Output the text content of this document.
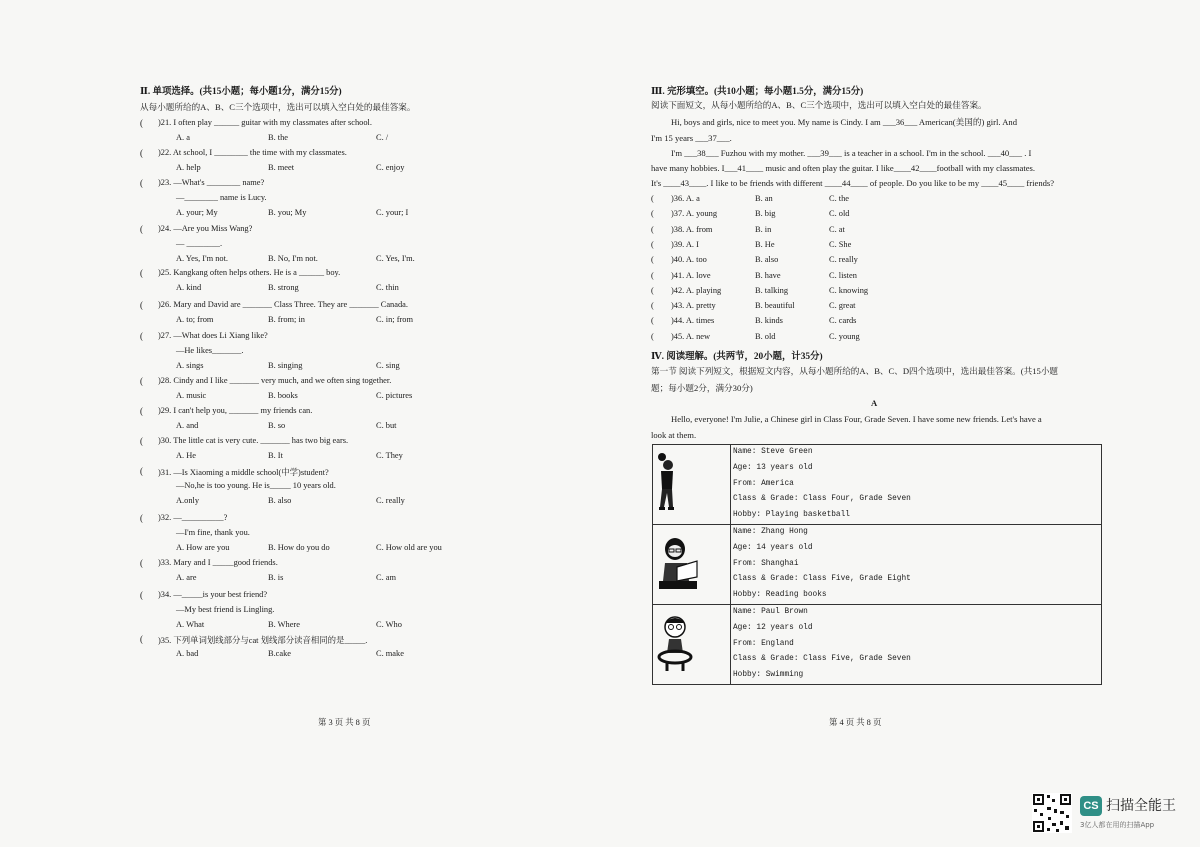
Ⅱ. 单项选择。(共15小题；每小题1分，满分15分)
从每小题所给的A、B、C三个选项中，选出可以填入空白处的最佳答案。
( )21. I often play ______ guitar with my classmates after school.
A. a	B. the	C. /
( )22. At school, I ________ the time with my classmates.
A. help	B. meet	C. enjoy
( )23. —What's ________ name?
—________ name is Lucy.
A. your; My	B. you; My	C. your; I
( )24. —Are you Miss Wang?
— ________.
A. Yes, I'm not.	B. No, I'm not.	C. Yes, I'm.
( )25. Kangkang often helps others. He is a ______ boy.
A. kind	B. strong	C. thin
( )26. Mary and David are _______ Class Three. They are _______ Canada.
A. to; from	B. from; in	C. in; from
( )27. —What does Li Xiang like?
—He likes_______.
A. sings	B. singing	C. sing
( )28. Cindy and I like _______ very much, and we often sing together.
A. music	B. books	C. pictures
( )29. I can't help you, _______ my friends can.
A. and	B. so	C. but
( )30. The little cat is very cute. _______ has two big ears.
A. He	B. It	C. They
( )31. —Is Xiaoming a middle school(中学)student?
—No,he is too young. He is_____ 10 years old.
A.only	B. also	C. really
( )32. —__________?
—I'm fine, thank you.
A. How are you	B. How do you do	C. How old are you
( )33. Mary and I _____good friends.
A. are	B. is	C. am
( )34. —_____is your best friend?
—My best friend is Lingling.
A. What	B. Where	C. Who
( )35. 下列单词划线部分与cat 划线部分读音相同的是_____.
A. bad	B.cake	C. make
第 3 页 共 8 页
Ⅲ. 完形填空。(共10小题；每小题1.5分，满分15分)
阅读下面短文，从每小题所给的A、B、C三个选项中，选出可以填入空白处的最佳答案。
Hi, boys and girls, nice to meet you. My name is Cindy. I am ___36___ American(美国的) girl. And
I'm 15 years ___37___.
I'm ___38___ Fuzhou with my mother. ___39___ is a teacher in a school. I'm in the school. ___40___ . I
have many hobbies. I___41____ music and often play the guitar. I like____42____football with my classmates.
It's ____43____. I like to be friends with different ____44____ of people. Do you like to be my ____45____ friends?
( )36. A. a	B. an	C. the
( )37. A. young	B. big	C. old
( )38. A. from	B. in	C. at
( )39. A. I	B. He	C. She
( )40. A. too	B. also	C. really
( )41. A. love	B. have	C. listen
( )42. A. playing	B. talking	C. knowing
( )43. A. pretty	B. beautiful	C. great
( )44. A. times	B. kinds	C. cards
( )45. A. new	B. old	C. young
Ⅳ. 阅读理解。(共两节，20小题，计35分)
第一节 阅读下列短文，根据短文内容，从每小题所给的A、B、C、D四个选项中，选出最佳答案。(共15小题
题；每小题2分，满分30分)
A
Hello, everyone! I'm Julie, a Chinese girl in Class Four, Grade Seven. I have some new friends. Let's have a
look at them.

Name: Steve Green
Age: 13 years old
From: America
Class & Grade: Class Four, Grade Seven
Hobby: Playing basketball

Name: Zhang Hong
Age: 14 years old
From: Shanghai
Class & Grade: Class Five, Grade Eight
Hobby: Reading books

Name: Paul Brown
Age: 12 years old
From: England
Class & Grade: Class Five, Grade Seven
Hobby: Swimming
第 4 页 共 8 页
CS 扫描全能王
3亿人都在用的扫描App
